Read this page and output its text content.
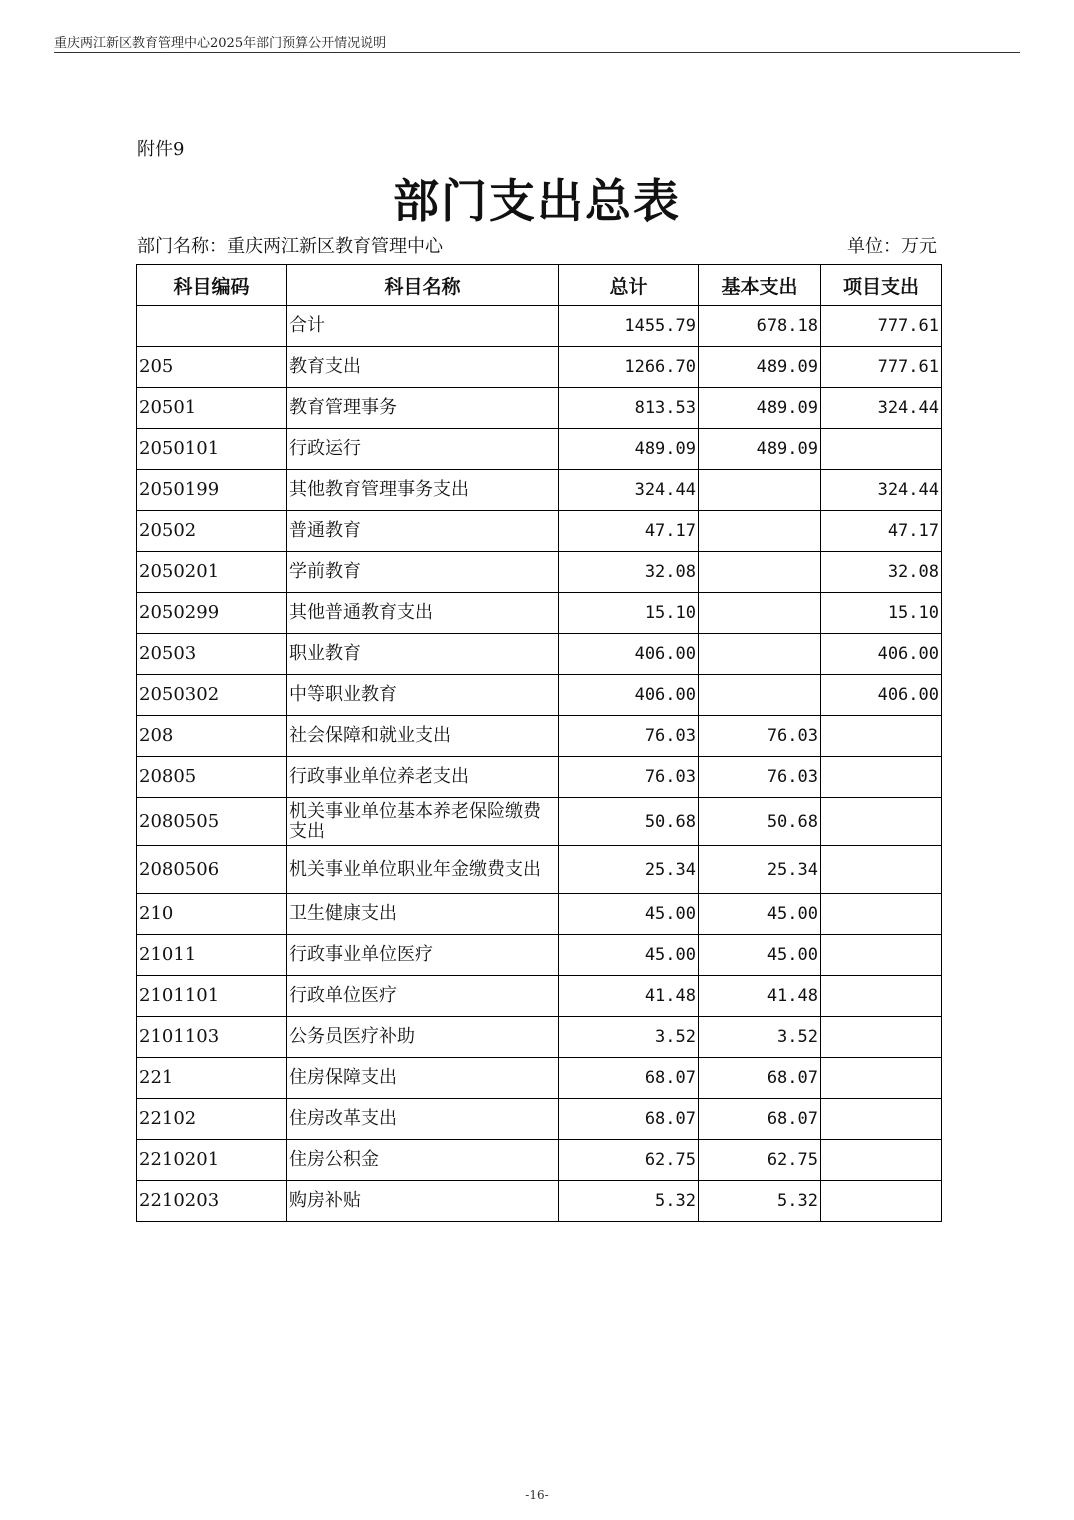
重庆两江新区教育管理中心2025年部门预算公开情况说明
附件9
部门支出总表
部门名称：重庆两江新区教育管理中心	单位：万元
科目编码	科目名称	总计	基本支出	项目支出
	合计	1455.79	678.18	777.61
205	教育支出	1266.70	489.09	777.61
20501	教育管理事务	813.53	489.09	324.44
2050101	行政运行	489.09	489.09	
2050199	其他教育管理事务支出	324.44		324.44
20502	普通教育	47.17		47.17
2050201	学前教育	32.08		32.08
2050299	其他普通教育支出	15.10		15.10
20503	职业教育	406.00		406.00
2050302	中等职业教育	406.00		406.00
208	社会保障和就业支出	76.03	76.03	
20805	行政事业单位养老支出	76.03	76.03	
2080505	机关事业单位基本养老保险缴费支出	50.68	50.68	
2080506	机关事业单位职业年金缴费支出	25.34	25.34	
210	卫生健康支出	45.00	45.00	
21011	行政事业单位医疗	45.00	45.00	
2101101	行政单位医疗	41.48	41.48	
2101103	公务员医疗补助	3.52	3.52	
221	住房保障支出	68.07	68.07	
22102	住房改革支出	68.07	68.07	
2210201	住房公积金	62.75	62.75	
2210203	购房补贴	5.32	5.32	
-16-
